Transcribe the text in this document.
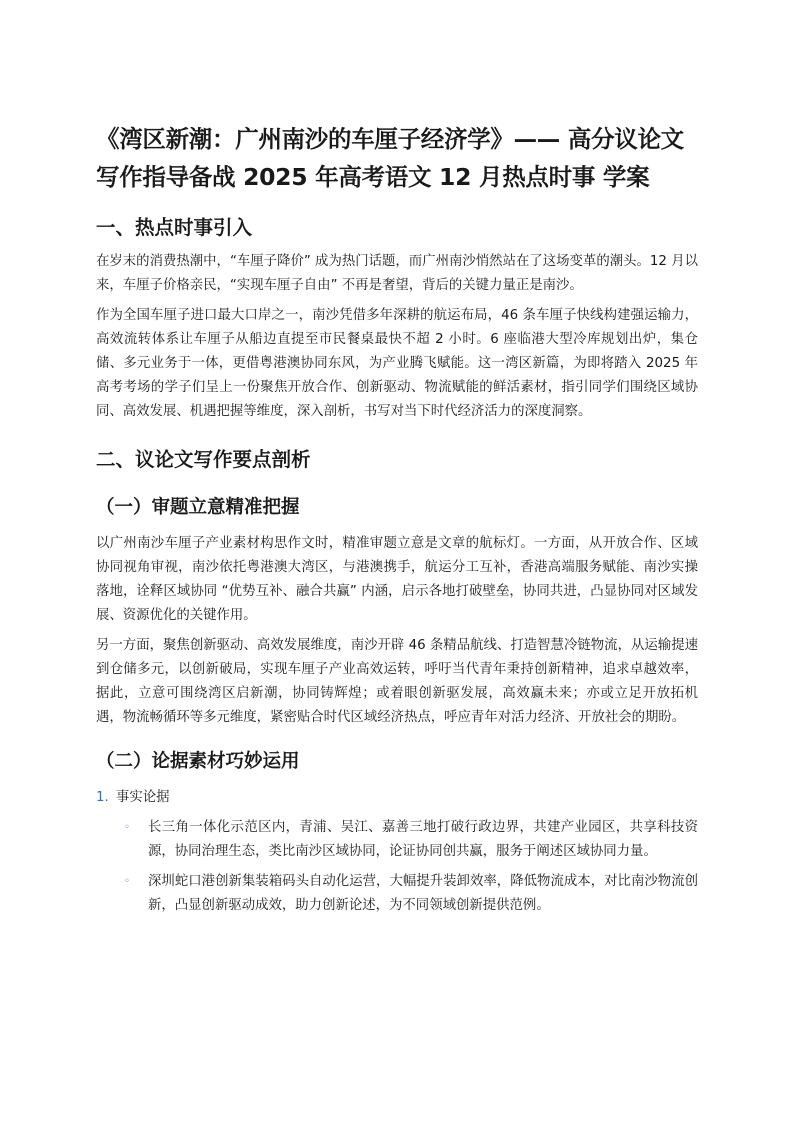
《湾区新潮：广州南沙的车厘子经济学》—— 高分议论文写作指导备战 2025 年高考语文 12 月热点时事 学案
一、热点时事引入

在岁末的消费热潮中，“车厘子降价” 成为热门话题，而广州南沙悄然站在了这场变革的潮头。12 月以来，车厘子价格亲民，“实现车厘子自由” 不再是奢望，背后的关键力量正是南沙。

作为全国车厘子进口最大口岸之一，南沙凭借多年深耕的航运布局，46 条车厘子快线构建强运输力，高效流转体系让车厘子从船边直提至市民餐桌最快不超 2 小时。6 座临港大型冷库规划出炉，集仓储、多元业务于一体，更借粤港澳协同东风，为产业腾飞赋能。这一湾区新篇，为即将踏入 2025 年高考考场的学子们呈上一份聚焦开放合作、创新驱动、物流赋能的鲜活素材，指引同学们围绕区域协同、高效发展、机遇把握等维度，深入剖析，书写对当下时代经济活力的深度洞察。

二、议论文写作要点剖析
（一）审题立意精准把握

以广州南沙车厘子产业素材构思作文时，精准审题立意是文章的航标灯。一方面，从开放合作、区域协同视角审视，南沙依托粤港澳大湾区，与港澳携手，航运分工互补，香港高端服务赋能、南沙实操落地，诠释区域协同 “优势互补、融合共赢” 内涵，启示各地打破壁垒，协同共进，凸显协同对区域发展、资源优化的关键作用。

另一方面，聚焦创新驱动、高效发展维度，南沙开辟 46 条精品航线、打造智慧冷链物流，从运输提速到仓储多元，以创新破局，实现车厘子产业高效运转，呼吁当代青年秉持创新精神，追求卓越效率，据此，立意可围绕湾区启新潮，协同铸辉煌；或着眼创新驱发展，高效赢未来；亦或立足开放拓机遇，物流畅循环等多元维度，紧密贴合时代区域经济热点，呼应青年对活力经济、开放社会的期盼。

（二）论据素材巧妙运用
1. 事实论据
◦	长三角一体化示范区内，青浦、吴江、嘉善三地打破行政边界，共建产业园区，共享科技资源，协同治理生态，类比南沙区域协同，论证协同创共赢，服务于阐述区域协同力量。
◦	深圳蛇口港创新集装箱码头自动化运营，大幅提升装卸效率，降低物流成本，对比南沙物流创新，凸显创新驱动成效，助力创新论述，为不同领域创新提供范例。
